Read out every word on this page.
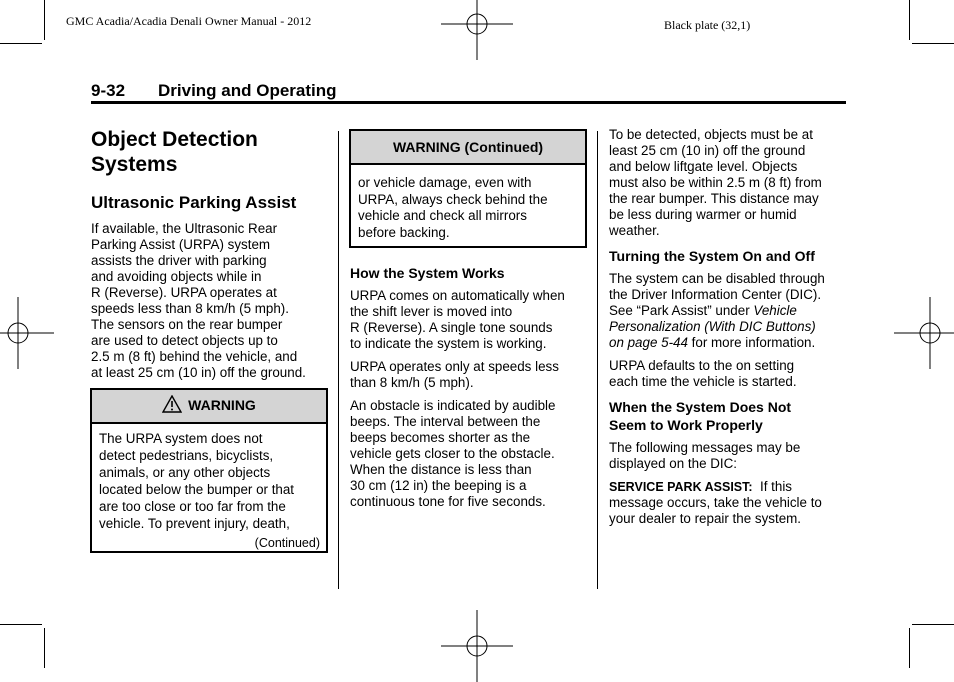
GMC Acadia/Acadia Denali Owner Manual - 2012	Black plate (32,1)
9-32 Driving and Operating
Object Detection
Systems
Ultrasonic Parking Assist

If available, the Ultrasonic Rear

Parking Assist (URPA) system

assists the driver with parking

and avoiding objects while in

R (Reverse). URPA operates at

speeds less than 8 km/h (5 mph).

The sensors on the rear bumper

are used to detect objects up to

2.5 m (8 ft) behind the vehicle, and

at least 25 cm (10 in) off the ground.

WARNING
The URPA system does not
detect pedestrians, bicyclists,
animals, or any other objects
located below the bumper or that
are too close or too far from the
vehicle. To prevent injury, death,
(Continued)
WARNING (Continued)
or vehicle damage, even with
URPA, always check behind the
vehicle and check all mirrors
before backing.
How the System Works

URPA comes on automatically when

the shift lever is moved into

R (Reverse). A single tone sounds

to indicate the system is working.

URPA operates only at speeds less

than 8 km/h (5 mph).

An obstacle is indicated by audible

beeps. The interval between the

beeps becomes shorter as the

vehicle gets closer to the obstacle.

When the distance is less than

30 cm (12 in) the beeping is a

continuous tone for five seconds.

To be detected, objects must be at

least 25 cm (10 in) off the ground

and below liftgate level. Objects

must also be within 2.5 m (8 ft) from

the rear bumper. This distance may

be less during warmer or humid

weather.

Turning the System On and Off

The system can be disabled through

the Driver Information Center (DIC).

See “Park Assist” under Vehicle

Personalization (With DIC Buttons)

on page 5-44 for more information.

URPA defaults to the on setting

each time the vehicle is started.

When the System Does Not
Seem to Work Properly

The following messages may be

displayed on the DIC:

SERVICE PARK ASSIST:  If this

message occurs, take the vehicle to

your dealer to repair the system.
